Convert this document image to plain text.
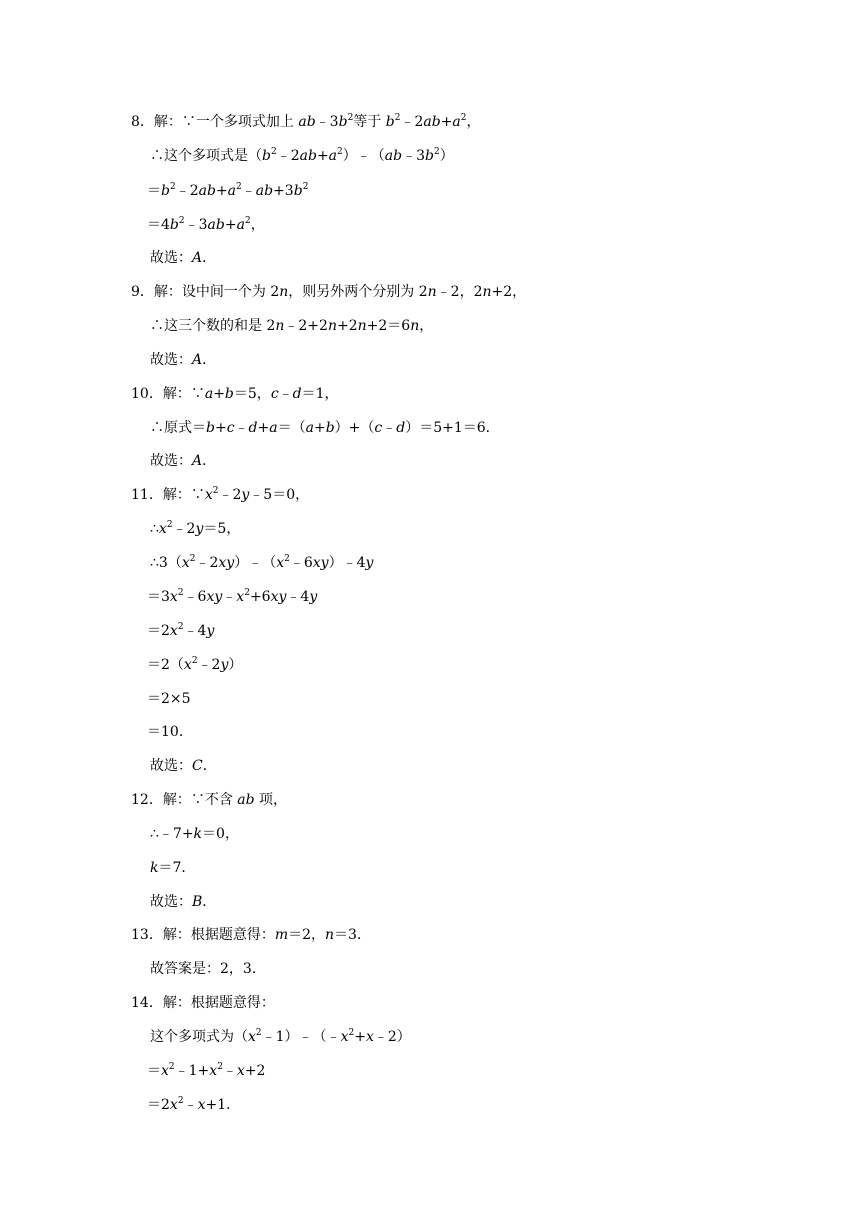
8．解：∵一个多项式加上 $ab﹣3b^2$等于 $b^2﹣2ab+a^2$，
∴这个多项式是$(b^2﹣2ab+a^2)﹣(ab﹣3b^2)$
$=b^2﹣2ab+a^2﹣ab+3b^2$
$=4b^2﹣3ab+a^2$，
故选：A．
9．解：设中间一个为 2n，则另外两个分别为 2n﹣2，2n+2，
∴这三个数的和是 2n﹣2+2n+2n+2＝6n，
故选：A．
10．解：∵a+b＝5，c﹣d＝1，
∴原式＝b+c﹣d+a＝（a+b）+（c﹣d）＝5+1＝6．
故选：A．
11．解：$\because x^2﹣2y﹣5=0$，
$\therefore x^2﹣2y=5$，
$\therefore 3(x^2﹣2xy)﹣(x^2﹣6xy)﹣4y$
$=3x^2﹣6xy﹣x^2+6xy﹣4y$
$=2x^2﹣4y$
$=2(x^2﹣2y)$
＝2×5
＝10．
故选：C．
12．解：∵不含 ab 项，
∴﹣7+k＝0，
k＝7．
故选：B．
13．解：根据题意得：m＝2，n＝3．
故答案是：2，3．
14．解：根据题意得：
这个多项式为$(x^2﹣1)﹣(﹣x^2+x﹣2)$
$=x^2﹣1+x^2﹣x+2$
$=2x^2﹣x+1$．
